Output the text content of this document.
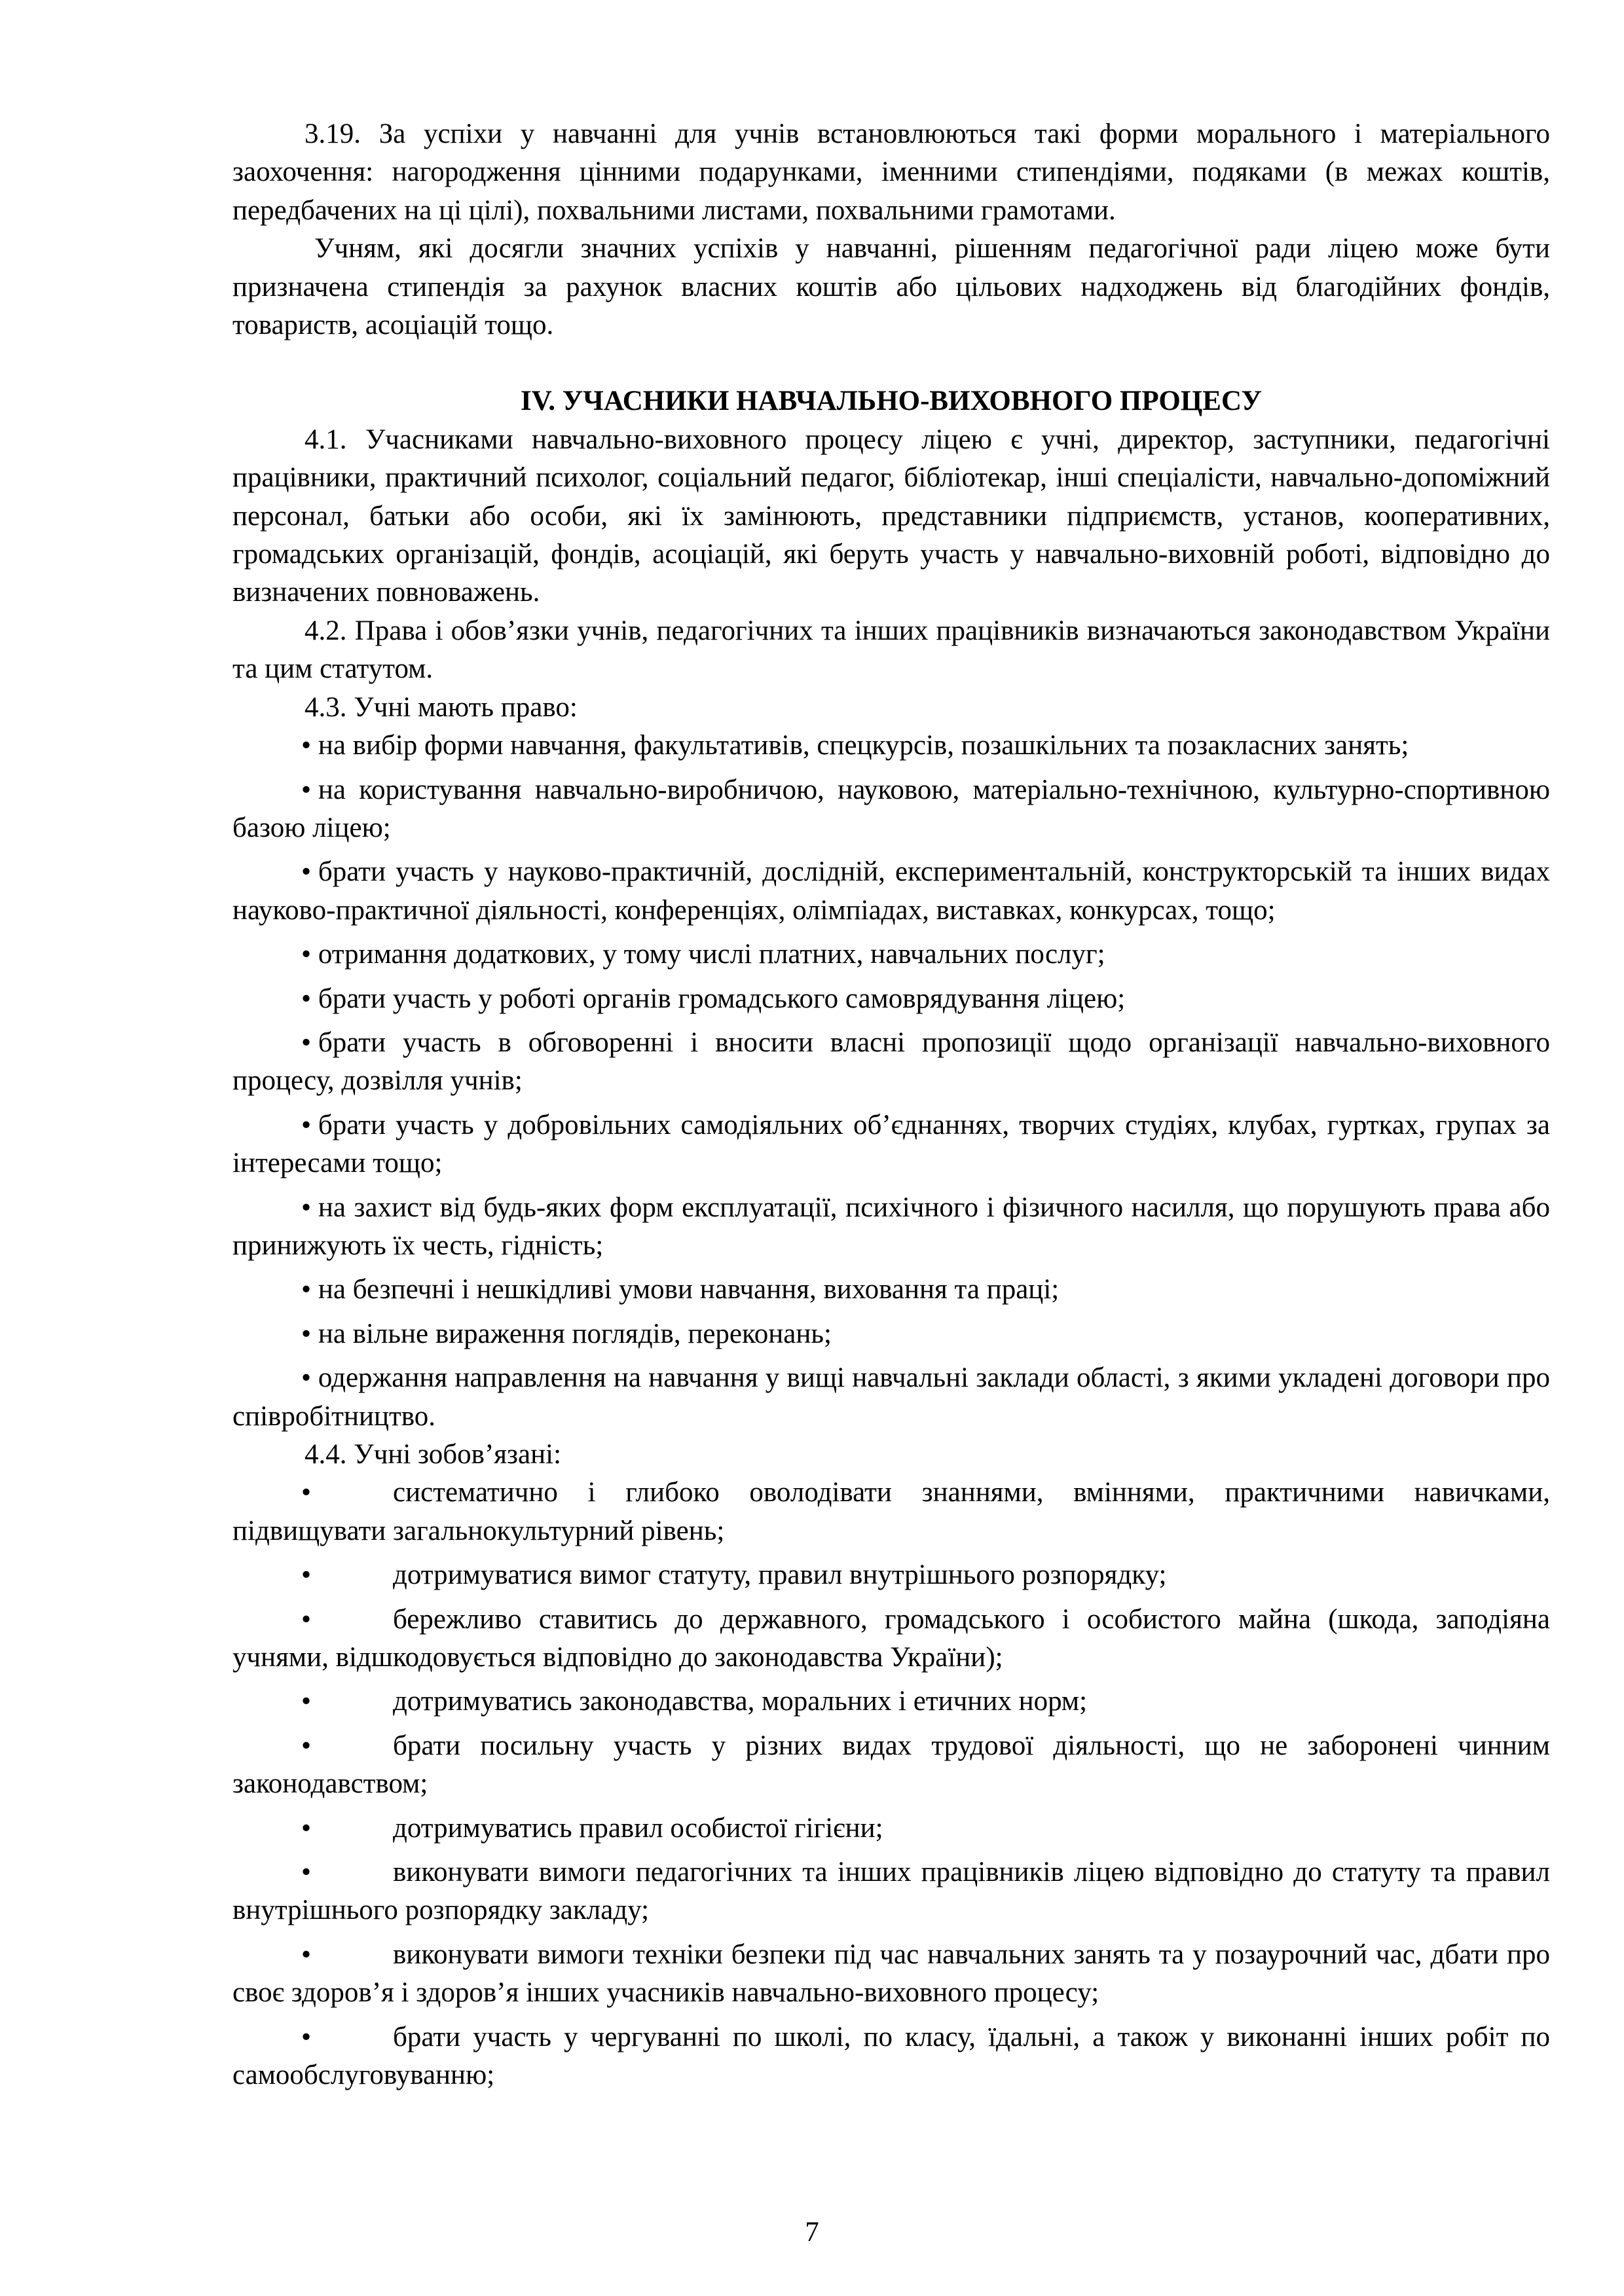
3.19. За успіхи у навчанні для учнів встановлюються такі форми морального і матеріального заохочення: нагородження цінними подарунками, іменними стипендіями, подяками (в межах коштів, передбачених на ці цілі), похвальними листами, похвальними грамотами.

Учням, які досягли значних успіхів у навчанні, рішенням педагогічної ради ліцею може бути призначена стипендія за рахунок власних коштів або цільових надходжень від благодійних фондів, товариств, асоціацій тощо.

IV. УЧАСНИКИ НАВЧАЛЬНО-ВИХОВНОГО ПРОЦЕСУ

4.1. Учасниками навчально-виховного процесу ліцею є учні, директор, заступники, педагогічні працівники, практичний психолог, соціальний педагог, бібліотекар, інші спеціалісти, навчально-допоміжний персонал, батьки або особи, які їх замінюють, представники підприємств, установ, кооперативних, громадських організацій, фондів, асоціацій, які беруть участь у навчально-виховній роботі, відповідно до визначених повноважень.

4.2. Права і обов’язки учнів, педагогічних та інших працівників визначаються законодавством України та цим статутом.

4.3. Учні мають право:

• на вибір форми навчання, факультативів, спецкурсів, позашкільних та позакласних занять;

• на користування навчально-виробничою, науковою, матеріально-технічною, культурно-спортивною базою ліцею;

• брати участь у науково-практичній, дослідній, експериментальній, конструкторській та інших видах науково-практичної діяльності, конференціях, олімпіадах, виставках, конкурсах, тощо;

• отримання додаткових, у тому числі платних, навчальних послуг;

• брати участь у роботі органів громадського самоврядування ліцею;

• брати участь в обговоренні і вносити власні пропозиції щодо організації навчально-виховного процесу, дозвілля учнів;

• брати участь у добровільних самодіяльних об’єднаннях, творчих студіях, клубах, гуртках, групах за інтересами тощо;

• на захист від будь-яких форм експлуатації, психічного і фізичного насилля, що порушують права або принижують їх честь, гідність;

• на безпечні і нешкідливі умови навчання, виховання та праці;

• на вільне вираження поглядів, переконань;

• одержання направлення на навчання у вищі навчальні заклади області, з якими укладені договори про співробітництво.

4.4. Учні зобов’язані:

•	систематично і глибоко оволодівати знаннями, вміннями, практичними навичками, підвищувати загальнокультурний рівень;

•	дотримуватися вимог статуту, правил внутрішнього розпорядку;

•	бережливо ставитись до державного, громадського і особистого майна (шкода, заподіяна учнями, відшкодовується відповідно до законодавства України);

•	дотримуватись законодавства, моральних і етичних норм;

•	брати посильну участь у різних видах трудової діяльності, що не заборонені чинним законодавством;

•	дотримуватись правил особистої гігієни;

•	виконувати вимоги педагогічних та інших працівників ліцею відповідно до статуту та правил внутрішнього розпорядку закладу;

•	виконувати вимоги техніки безпеки під час навчальних занять та у позаурочний час, дбати про своє здоров’я і здоров’я інших учасників навчально-виховного процесу;

•	брати участь у чергуванні по школі, по класу, їдальні, а також у виконанні інших робіт по самообслуговуванню;

7
